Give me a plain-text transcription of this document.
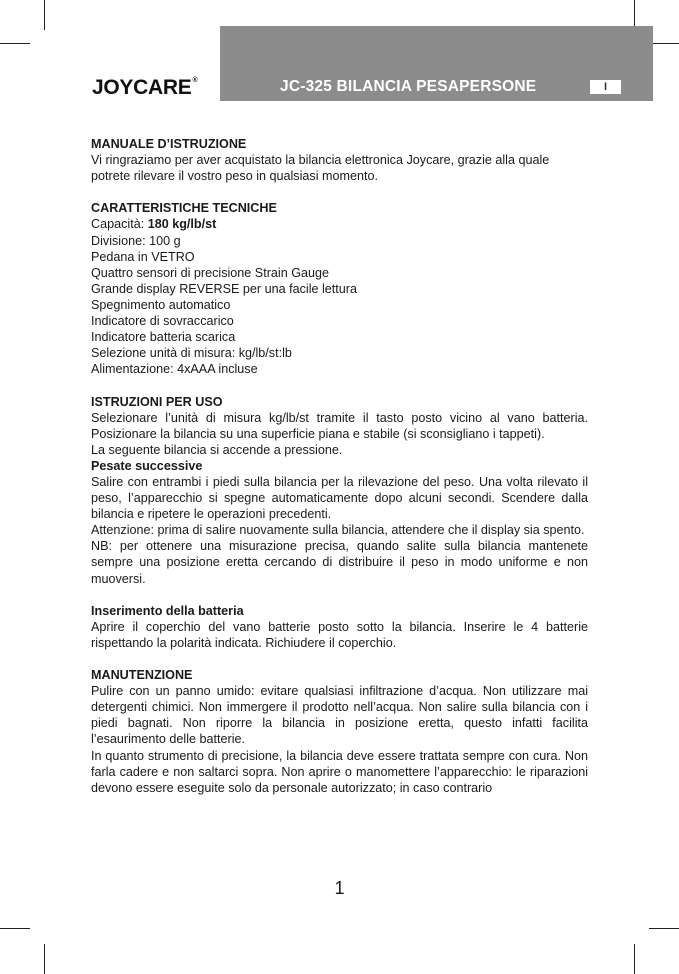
JOYCARE®	JC-325 BILANCIA PESAPERSONE	I

MANUALE D’ISTRUZIONE

Vi ringraziamo per aver acquistato la bilancia elettronica Joycare, grazie alla quale potrete rilevare il vostro peso in qualsiasi momento.

CARATTERISTICHE TECNICHE

Capacità: 180 kg/lb/st

Divisione: 100 g

Pedana in VETRO

Quattro sensori di precisione Strain Gauge

Grande display REVERSE per una facile lettura

Spegnimento automatico

Indicatore di sovraccarico

Indicatore batteria scarica

Selezione unità di misura: kg/lb/st:lb

Alimentazione: 4xAAA incluse

ISTRUZIONI PER USO

Selezionare l’unità di misura kg/lb/st tramite il tasto posto vicino al vano batteria. Posizionare la bilancia su una superficie piana e stabile (si sconsigliano i tappeti).

La seguente bilancia si accende a pressione.

Pesate successive

Salire con entrambi i piedi sulla bilancia per la rilevazione del peso. Una volta rilevato il peso, l’apparecchio si spegne automaticamente dopo alcuni secondi. Scendere dalla bilancia e ripetere le operazioni precedenti.

Attenzione: prima di salire nuovamente sulla bilancia, attendere che il display sia spento.

NB: per ottenere una misurazione precisa, quando salite sulla bilancia mantenete sempre una posizione eretta cercando di distribuire il peso in modo uniforme e non muoversi.

Inserimento della batteria

Aprire il coperchio del vano batterie posto sotto la bilancia. Inserire le 4 batterie rispettando la polarità indicata. Richiudere il coperchio.

MANUTENZIONE

Pulire con un panno umido: evitare qualsiasi infiltrazione d’acqua. Non utilizzare mai detergenti chimici. Non immergere il prodotto nell’acqua. Non salire sulla bilancia con i piedi bagnati. Non riporre la bilancia in posizione eretta, questo infatti facilita l’esaurimento delle batterie.

In quanto strumento di precisione, la bilancia deve essere trattata sempre con cura. Non farla cadere e non saltarci sopra. Non aprire o manomettere l’apparecchio: le riparazioni devono essere eseguite solo da personale autorizzato; in caso contrario

1
